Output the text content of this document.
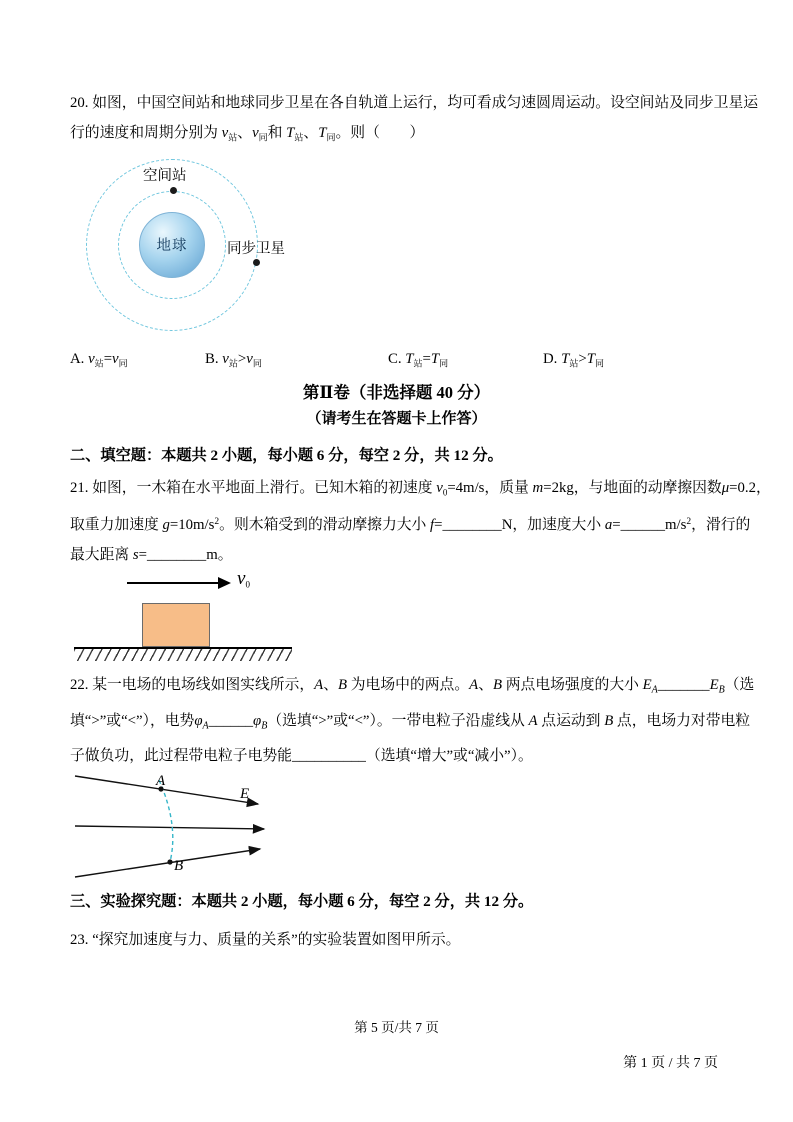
20. 如图，中国空间站和地球同步卫星在各自轨道上运行，均可看成匀速圆周运动。设空间站及同步卫星运

行的速度和周期分别为 $v_站$、$v_同$和 $T_站$、$T_同$。则（　　）

地球
空间站
同步卫星
A. $v_站=v_同$	B. $v_站>v_同$	C. $T_站=T_同$	D. $T_站>T_同$

第Ⅱ卷（非选择题 40 分）

（请考生在答题卡上作答）

二、填空题：本题共 2 小题，每小题 6 分，每空 2 分，共 12 分。

21. 如图，一木箱在水平地面上滑行。已知木箱的初速度 $v_0=4m/s$，质量 m=2kg，与地面的动摩擦因数μ=0.2，

取重力加速度 $g=10m/s^2$。则木箱受到的滑动摩擦力大小 f=________N，加速度大小 $a=\_\_\_\_\_\_m/s^2$，滑行的

最大距离 s=________m。

v0

22. 某一电场的电场线如图实线所示，A、B 为电场中的两点。A、B 两点电场强度的大小 $E_A\_\_\_\_\_\_\_E_B$（选

填“>”或“<”），电势$\varphi_A\_\_\_\_\_\_\varphi_B$（选填“>”或“<”）。一带电粒子沿虚线从 A 点运动到 B 点，电场力对带电粒

子做负功，此过程带电粒子电势能__________（选填“增大”或“减小”）。

A
E
B

三、实验探究题：本题共 2 小题，每小题 6 分，每空 2 分，共 12 分。

23. “探究加速度与力、质量的关系”的实验装置如图甲所示。

第 5 页/共 7 页
第 1 页 / 共 7 页
